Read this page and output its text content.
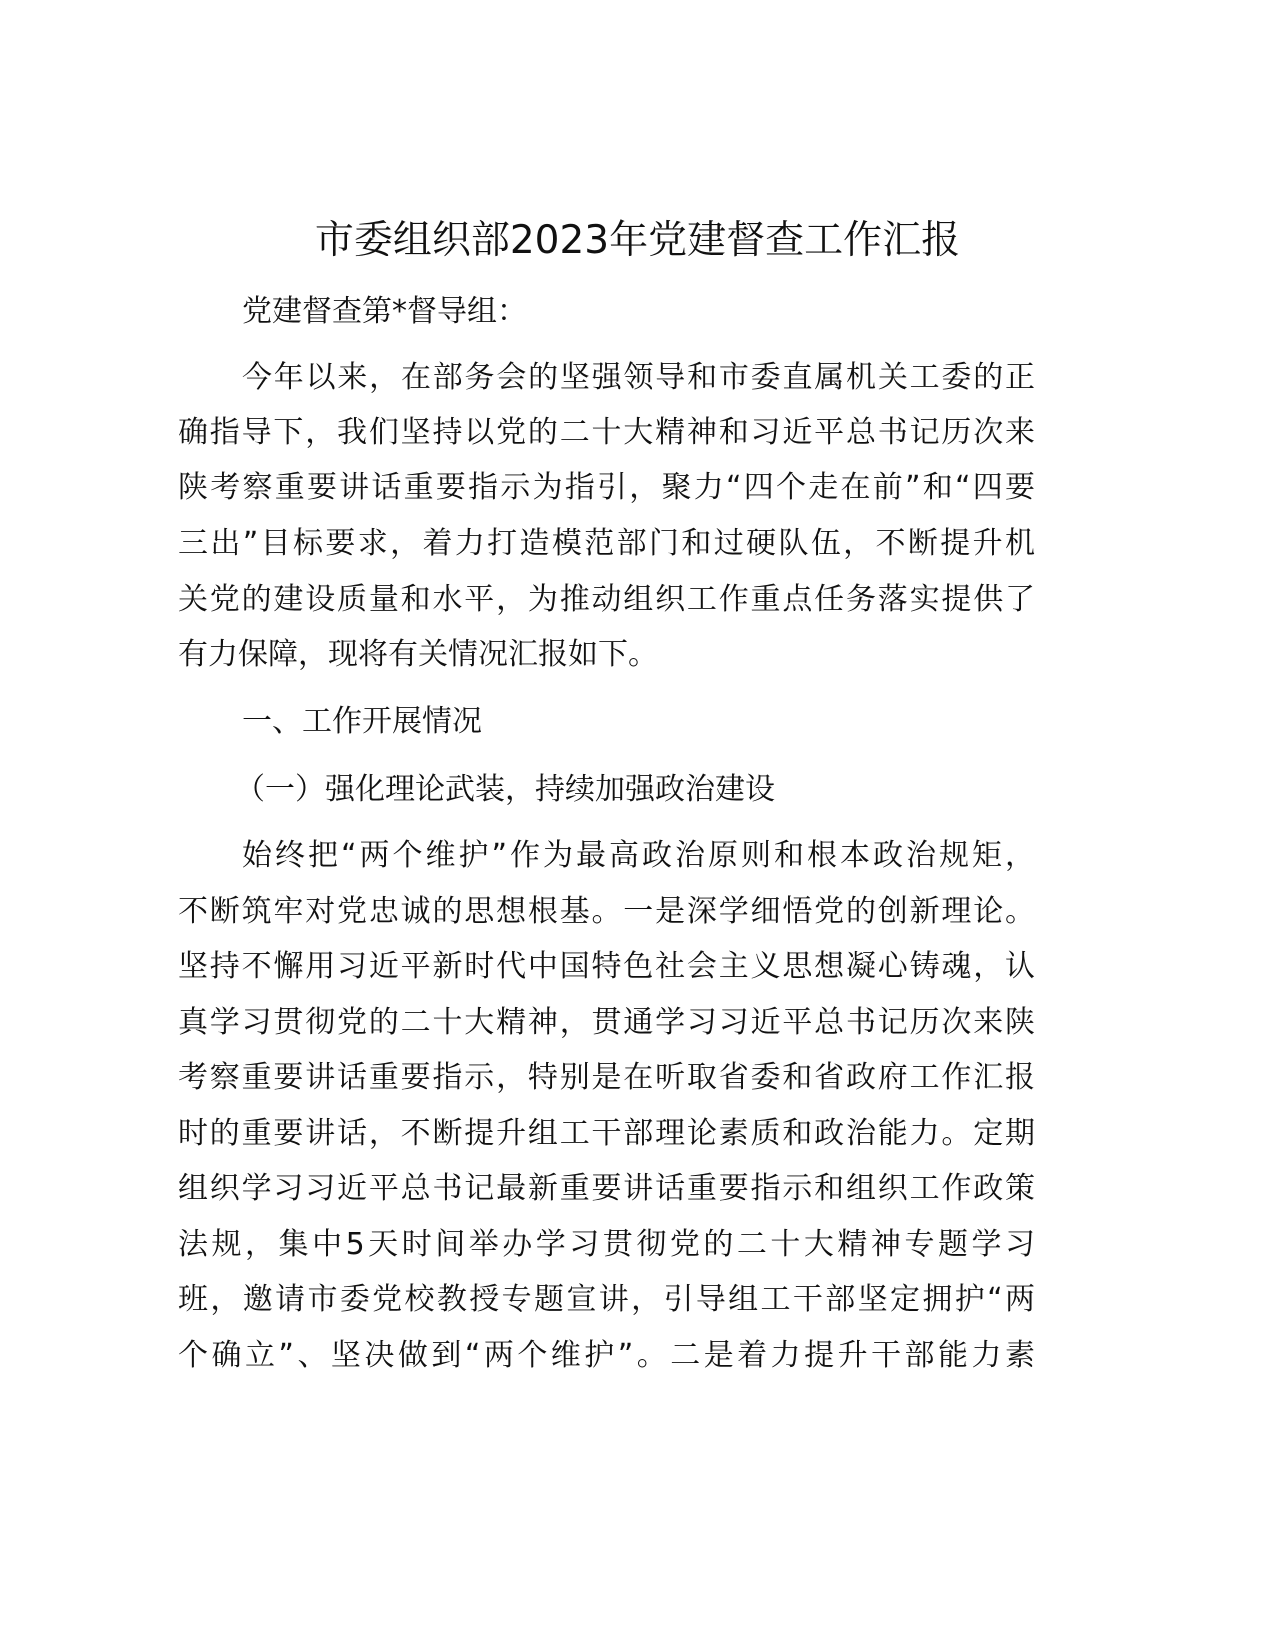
市委组织部2023年党建督查工作汇报
党建督查第*督导组：
今年以来，在部务会的坚强领导和市委直属机关工委的正
确指导下，我们坚持以党的二十大精神和习近平总书记历次来
陕考察重要讲话重要指示为指引，聚力“四个走在前”和“四要
三出”目标要求，着力打造模范部门和过硬队伍，不断提升机
关党的建设质量和水平，为推动组织工作重点任务落实提供了
有力保障，现将有关情况汇报如下。
一、工作开展情况
（一）强化理论武装，持续加强政治建设
始终把“两个维护”作为最高政治原则和根本政治规矩，
不断筑牢对党忠诚的思想根基。一是深学细悟党的创新理论。
坚持不懈用习近平新时代中国特色社会主义思想凝心铸魂，认
真学习贯彻党的二十大精神，贯通学习习近平总书记历次来陕
考察重要讲话重要指示，特别是在听取省委和省政府工作汇报
时的重要讲话，不断提升组工干部理论素质和政治能力。定期
组织学习习近平总书记最新重要讲话重要指示和组织工作政策
法规，集中5天时间举办学习贯彻党的二十大精神专题学习
班，邀请市委党校教授专题宣讲，引导组工干部坚定拥护“两
个确立”、坚决做到“两个维护”。二是着力提升干部能力素
